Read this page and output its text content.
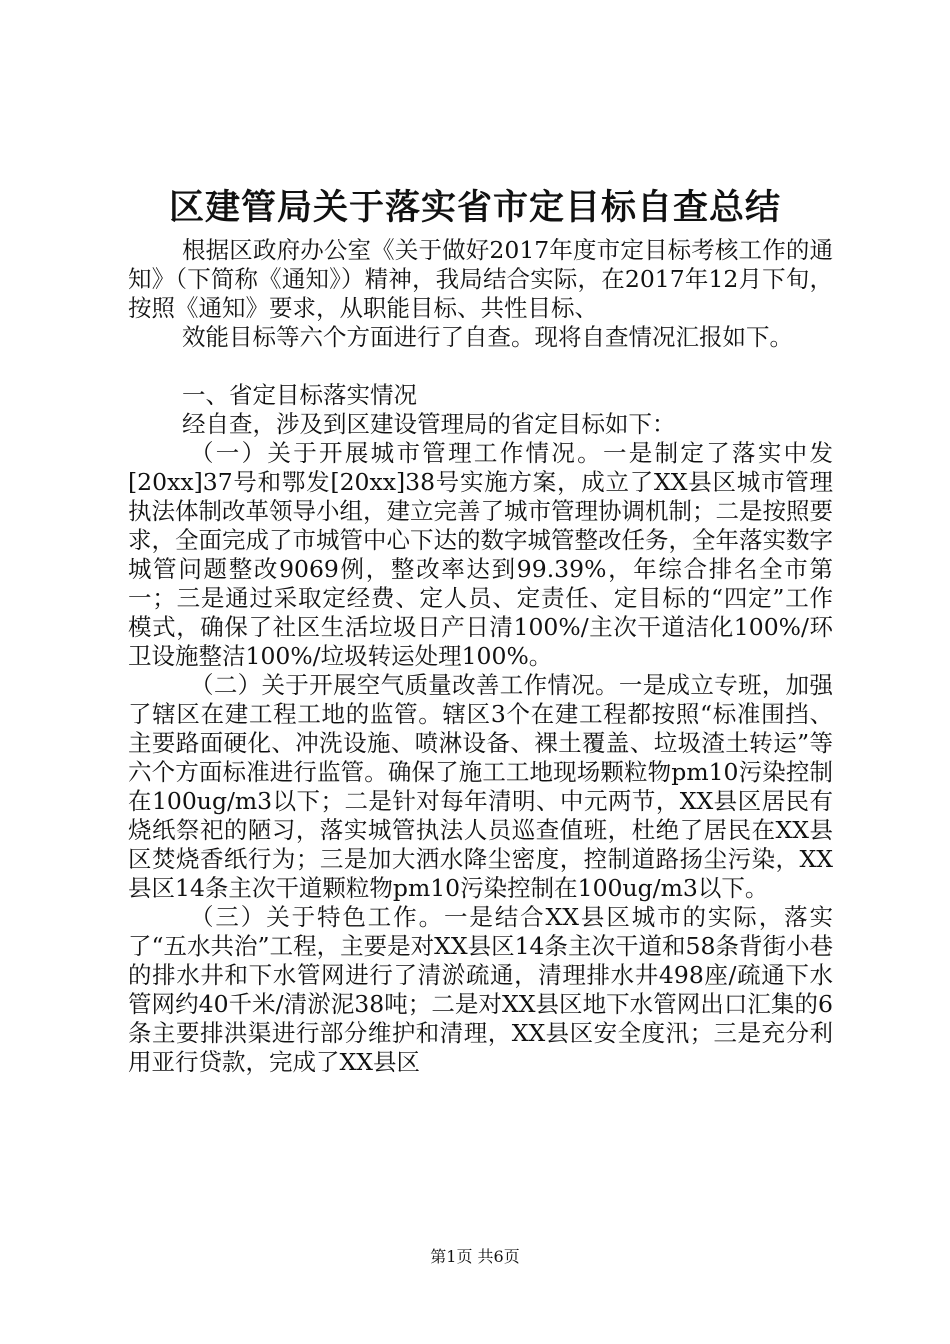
区建管局关于落实省市定目标自查总结

根据区政府办公室《关于做好2017年度市定目标考核工作的通知》（下简称《通知》）精神，我局结合实际，在2017年12月下旬，按照《通知》要求，从职能目标、共性目标、

效能目标等六个方面进行了自查。现将自查情况汇报如下。

一、省定目标落实情况

经自查，涉及到区建设管理局的省定目标如下：

（一）关于开展城市管理工作情况。一是制定了落实中发[20xx]37号和鄂发[20xx]38号实施方案，成立了XX县区城市管理执法体制改革领导小组，建立完善了城市管理协调机制；二是按照要求，全面完成了市城管中心下达的数字城管整改任务，全年落实数字城管问题整改9069例，整改率达到99.39%，年综合排名全市第一；三是通过采取定经费、定人员、定责任、定目标的“四定”工作模式，确保了社区生活垃圾日产日清100%/主次干道洁化100%/环卫设施整洁100%/垃圾转运处理100%。

（二）关于开展空气质量改善工作情况。一是成立专班，加强了辖区在建工程工地的监管。辖区3个在建工程都按照“标准围挡、主要路面硬化、冲洗设施、喷淋设备、裸土覆盖、垃圾渣土转运”等六个方面标准进行监管。确保了施工工地现场颗粒物pm10污染控制在100ug/m3以下；二是针对每年清明、中元两节，XX县区居民有烧纸祭祀的陋习，落实城管执法人员巡查值班，杜绝了居民在XX县区焚烧香纸行为；三是加大洒水降尘密度，控制道路扬尘污染，XX县区14条主次干道颗粒物pm10污染控制在100ug/m3以下。

（三）关于特色工作。一是结合XX县区城市的实际，落实了“五水共治”工程，主要是对XX县区14条主次干道和58条背街小巷的排水井和下水管网进行了清淤疏通，清理排水井498座/疏通下水管网约40千米/清淤泥38吨；二是对XX县区地下水管网出口汇集的6条主要排洪渠进行部分维护和清理，XX县区安全度汛；三是充分利用亚行贷款，完成了XX县区

第1页 共6页
